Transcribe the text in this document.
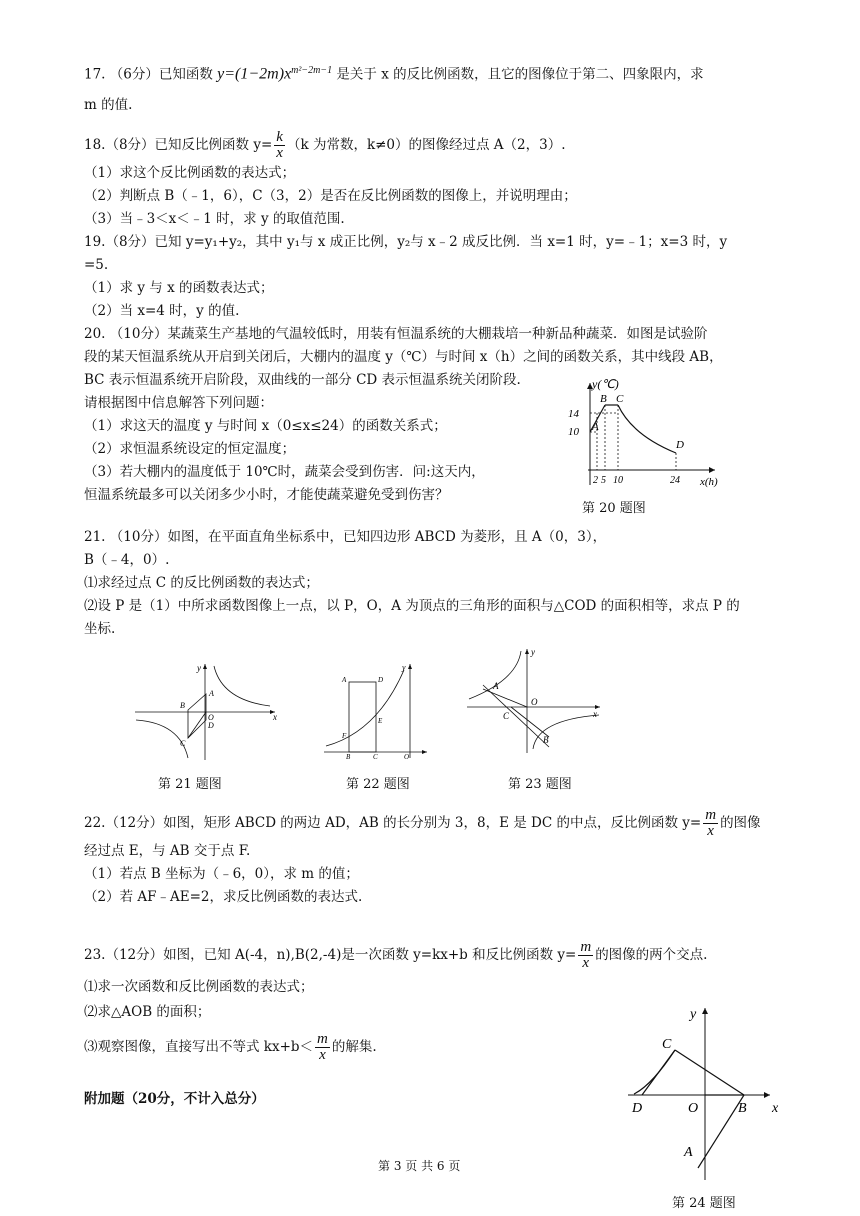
17. （6分）已知函数 $y=(1-2m)x^{m^2-2m-1}$ 是关于 x 的反比例函数，且它的图像位于第二、四象限内，求
m 的值.
18.（8分）已知反比例函数 $y= \frac{k}{x} (k$ 为常数，k≠0）的图像经过点 A（2，3）.
（1）求这个反比例函数的表达式；
（2）判断点 B（﹣1，6），C（3，2）是否在反比例函数的图像上，并说明理由；
（3）当﹣3＜x＜﹣1 时，求 y 的取值范围.
19.（8分）已知 y=y₁+y₂，其中 y₁与 x 成正比例，y₂与 x﹣2 成反比例．当 x=1 时，y=﹣1；x=3 时，y
=5.
（1）求 y 与 x 的函数表达式；
（2）当 x=4 时，y 的值.
20. （10分）某蔬菜生产基地的气温较低时，用装有恒温系统的大棚栽培一种新品种蔬菜．如图是试验阶
段的某天恒温系统从开启到关闭后，大棚内的温度 y（℃）与时间 x（h）之间的函数关系，其中线段 AB，
BC 表示恒温系统开启阶段，双曲线的一部分 CD 表示恒温系统关闭阶段.
请根据图中信息解答下列问题：
（1）求这天的温度 y 与时间 x（0≤x≤24）的函数关系式；
（2）求恒温系统设定的恒定温度；
（3）若大棚内的温度低于 10℃时，蔬菜会受到伤害．问:这天内，
恒温系统最多可以关闭多少小时，才能使蔬菜避免受到伤害？
y(℃)
x(h)
10
14
2 5 10	24
A
B C
D
第 20 题图
21. （10分）如图，在平面直角坐标系中，已知四边形 ABCD 为菱形，且 A（0，3），
B（﹣4，0）.
⑴求经过点 C 的反比例函数的表达式；
⑵设 P 是（1）中所求函数图像上一点，以 P，O，A 为顶点的三角形的面积与△COD 的面积相等，求点 P 的
坐标.
y
x
A
B
O
D
C
第 21 题图
y
A	D
E
F
B	C	O
第 22 题图
y
x
A
O
C
B
第 23 题图
22.（12分）如图，矩形 ABCD 的两边 AD，AB 的长分别为 3，8，E 是 DC 的中点，反比例函数 $y= \frac{m}{x}$ 的图像
经过点 E，与 AB 交于点 F.
（1）若点 B 坐标为（﹣6，0），求 m 的值；
（2）若 AF﹣AE=2，求反比例函数的表达式.
23.（12分）如图，已知 A(-4，n),B(2,-4)是一次函数 y=kx+b 和反比例函数 $y= \frac{m}{x}$ 的图像的两个交点.
⑴求一次函数和反比例函数的表达式；
⑵求△AOB 的面积；
⑶观察图像，直接写出不等式 $kx+b< \frac{m}{x}$ 的解集.
附加题（20分，不计入总分）
第 3 页 共 6 页
y
x
C
D	O	B
A
第 24 题图
